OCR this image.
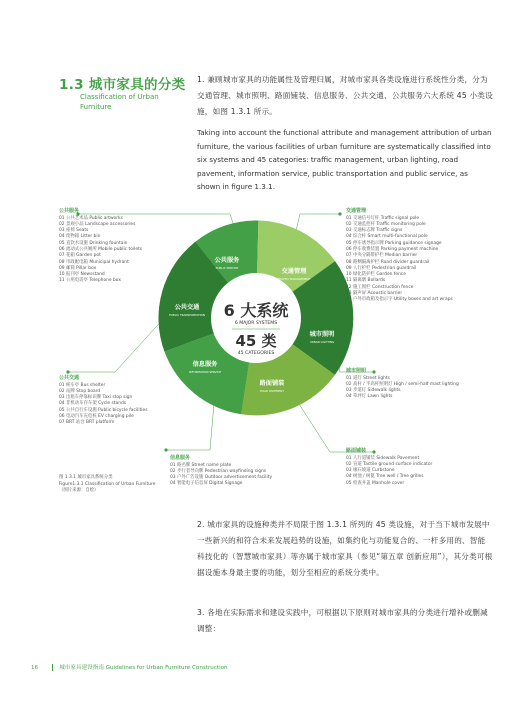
1.3 城市家具的分类
Classification of Urban Furniture
1. 兼顾城市家具的功能属性及管理归属，对城市家具各类设施进行系统性分类，分为交通管理、城市照明、路面铺装、信息服务、公共交通、公共服务六大系统 45 小类设施，如图 1.3.1 所示。
Taking into account the functional attribute and management attribution of urban furniture, the various facilities of urban furniture are systematically classified into six systems and 45 categories: traffic management, urban lighting, road pavement, information service, public transportation and public service, as shown in figure 1.3.1.
公共服务
PUBLIC SERVICE	交通管理
TRAFFIC MANAGEMENT
城市照明
URBAN LIGHTING
路面铺装
ROAD PAVEMENT
信息服务
INFORMATION SERVICE
公共交通
PUBLIC TRANSPORTATION 6 大系统
6 MAJOR SYSTEMS
45 类
45 CATEGORIES
公共服务
01 公共艺术品 Public artworks
02 景观小品 Landscape accessories
03 座椅 Seats
04 废物箱 Litter bin
05 直饮水设施 Drinking fountain
06 流动式公共厕所 Mobile public toilets
07 花箱 Garden pot
08 市政配电箱 Municipal hydrant
09 邮筒 Pillar box
10 报刊亭 Newsstand
11 公用电话亭 Telephone box
交通管理
01 交通信号灯杆 Traffic signal pole
02 交通监控杆 Traffic monitoring pole
03 交通标志牌 Traffic signs
04 综合杆 Smart multi-functional pole
05 停车诱导指示牌 Parking guidance signage
06 停车收费装置 Parking payment machine
07 中央分隔带护栏 Median barrier
08 路侧隔离护栏 Road divider guardrail
09 人行护栏 Pedestrian guardrail
10 绿化防护栏 Garden fence
11 隔离墩 Bollards
12 施工围栏 Construction fence
13 隔声屏 Acoustic barrier
14 户外市政箱及指示字 Utility boxes and art wraps
公共交通
01 候车亭 Bus shelter
02 站牌 Stop board
03 出租车停靠标识牌 Taxi stop sign
04 非机动车存车架 Cycle stands
05 公共自行车设施 Public bicycle facilities
06 电动汽车充电桩 EV charging pile
07 BRT 站台 BRT platform
城市照明
01 道灯 Street lights
02 高杆 / 半高杆照明灯 High / semi-half mast lighting
03 步道灯 Sidewalk lights
04 草坪灯 Lawn lights
路面铺装
01 人行道铺装 Sidewalk Pavement
02 盲道 Tactile ground surface indicator
03 缘石坡道 Curbstone
04 树池 / 树篦 Tree well / Tree grilles
05 检查井盖 Manhole cover
信息服务
01 路名牌 Street name plate
02 步行者导向牌 Pedestrian wayfinding signs
03 户外广告设施 Outdoor advertisement facility
04 智能电子信息屏 Digital Signage
图 1.3.1 城市家具系统分类
Figure1.3.1 Classification of Urban Furniture
（图片来源：自绘）
2. 城市家具的设施种类并不局限于图 1.3.1 所列的 45 类设施，对于当下城市发展中一些新兴的和符合未来发展趋势的设施，如集约化与功能复合的、一杆多用的、智能科技化的（智慧城市家具）等亦属于城市家具（参见“第五章 创新应用”），其分类可根据设施本身最主要的功能，划分至相应的系统分类中。
3. 各地在实际需求和建设实践中，可根据以下原则对城市家具的分类进行增补或删减调整：
16	城市家具建设指南 Guidelines for Urban Furniture Construction
